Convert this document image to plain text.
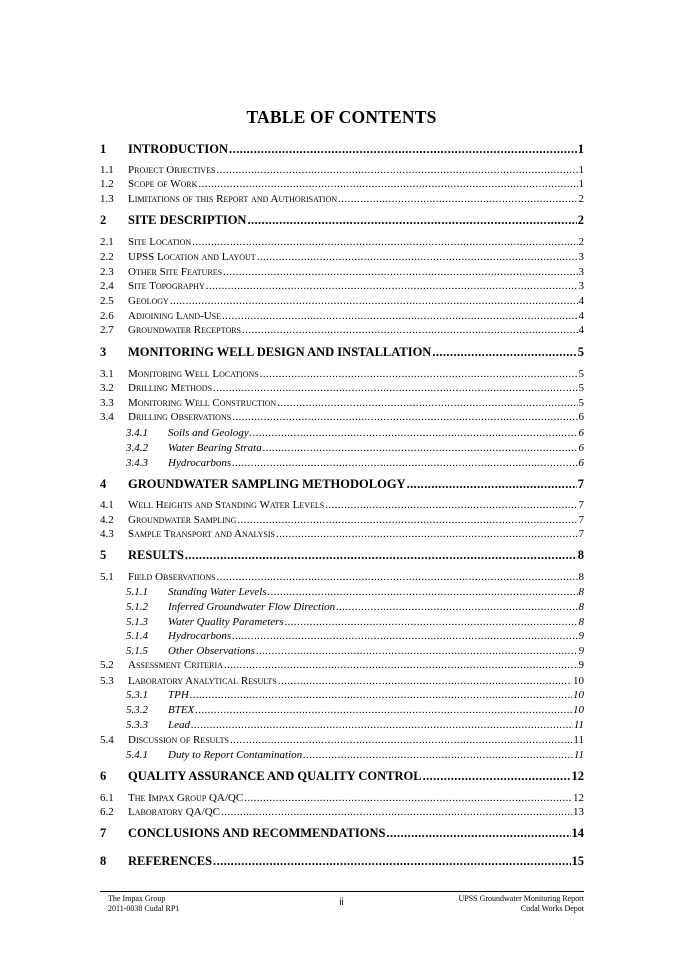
TABLE OF CONTENTS
1	INTRODUCTION .....	1
1.1	Project Objectives .....	1
1.2	Scope of Work .....	1
1.3	Limitations of this Report and Authorisation .....	2
2	SITE DESCRIPTION .....	2
2.1	Site Location .....	2
2.2	UPSS Location and Layout .....	3
2.3	Other Site Features .....	3
2.4	Site Topography .....	3
2.5	Geology .....	4
2.6	Adjoining Land-Use .....	4
2.7	Groundwater Receptors .....	4
3	MONITORING WELL DESIGN AND INSTALLATION .....	5
3.1	Monitoring Well Locations .....	5
3.2	Drilling Methods .....	5
3.3	Monitoring Well Construction .....	5
3.4	Drilling Observations .....	6
3.4.1	Soils and Geology .....	6
3.4.2	Water Bearing Strata .....	6
3.4.3	Hydrocarbons .....	6
4	GROUNDWATER SAMPLING METHODOLOGY .....	7
4.1	Well Heights and Standing Water Levels .....	7
4.2	Groundwater Sampling .....	7
4.3	Sample Transport and Analysis .....	7
5	RESULTS .....	8
5.1	Field Observations .....	8
5.1.1	Standing Water Levels .....	8
5.1.2	Inferred Groundwater Flow Direction .....	8
5.1.3	Water Quality Parameters .....	8
5.1.4	Hydrocarbons .....	9
5.1.5	Other Observations .....	9
5.2	Assessment Criteria .....	9
5.3	Laboratory Analytical Results .....	10
5.3.1	TPH .....	10
5.3.2	BTEX .....	10
5.3.3	Lead .....	11
5.4	Discussion of Results .....	11
5.4.1	Duty to Report Contamination .....	11
6	QUALITY ASSURANCE AND QUALITY CONTROL .....	12
6.1	The Impax Group QA/QC .....	12
6.2	Laboratory QA/QC .....	13
7	CONCLUSIONS AND RECOMMENDATIONS .....	14
8	REFERENCES .....	15
The Impax Group
2011-0038 Cudal RP1
ii	UPSS Groundwater Monitoring Report
Cudal Works Depot
